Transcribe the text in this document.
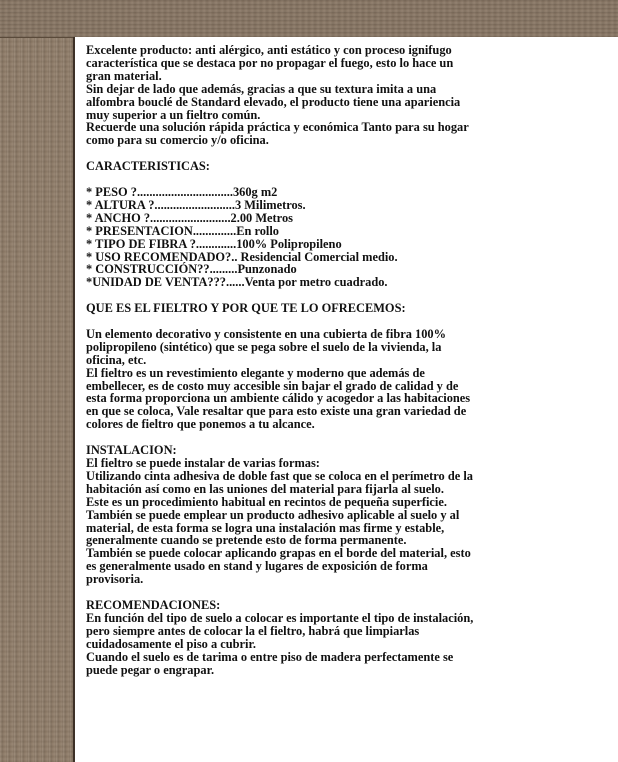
Excelente producto: anti alérgico, anti estático y con proceso ignifugo
característica que se destaca por no propagar el fuego, esto lo hace un
gran material.
Sin dejar de lado que además, gracias a que su textura imita a una
alfombra bouclé de Standard elevado, el producto tiene una apariencia
muy superior a un fieltro común.
Recuerde una solución rápida práctica y económica Tanto para su hogar
como para su comercio y/o oficina.

CARACTERISTICAS:

* PESO ?...............................360g m2
* ALTURA ?..........................3 Milimetros.
* ANCHO ?..........................2.00 Metros
* PRESENTACION..............En rollo
* TIPO DE FIBRA ?.............100% Polipropileno
* USO RECOMENDADO?.. Residencial Comercial medio.
* CONSTRUCCIÓN??.........Punzonado
*UNIDAD DE VENTA???......Venta por metro cuadrado.

QUE ES EL FIELTRO Y POR QUE TE LO OFRECEMOS:

Un elemento decorativo y consistente en una cubierta de fibra 100%
polipropileno (sintético) que se pega sobre el suelo de la vivienda, la
oficina, etc.
El fieltro es un revestimiento elegante y moderno que además de
embellecer, es de costo muy accesible sin bajar el grado de calidad y de
esta forma proporciona un ambiente cálido y acogedor a las habitaciones
en que se coloca, Vale resaltar que para esto existe una gran variedad de
colores de fieltro que ponemos a tu alcance.

INSTALACION:
El fieltro se puede instalar de varias formas:
Utilizando cinta adhesiva de doble fast que se coloca en el perímetro de la
habitación así como en las uniones del material para fijarla al suelo.
Este es un procedimiento habitual en recintos de pequeña superficie.
También se puede emplear un producto adhesivo aplicable al suelo y al
material, de esta forma se logra una instalación mas firme y estable,
generalmente cuando se pretende esto de forma permanente.
También se puede colocar aplicando grapas en el borde del material, esto
es generalmente usado en stand y lugares de exposición de forma
provisoria.

RECOMENDACIONES:
En función del tipo de suelo a colocar es importante el tipo de instalación,
pero siempre antes de colocar la el fieltro, habrá que limpiarlas
cuidadosamente el piso a cubrir.
Cuando el suelo es de tarima o entre piso de madera perfectamente se
puede pegar o engrapar.
